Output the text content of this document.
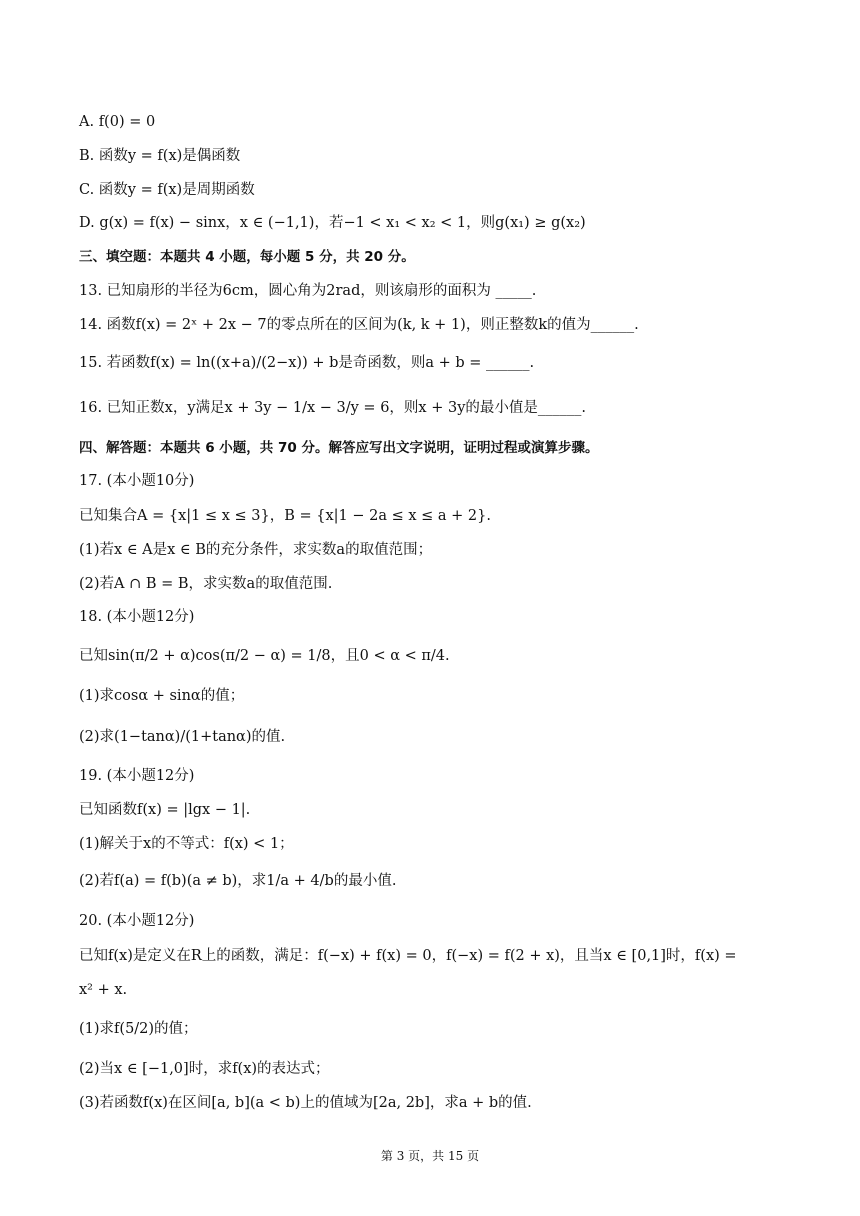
A. f(0) = 0
B. 函数y = f(x)是偶函数
C. 函数y = f(x)是周期函数
D. g(x) = f(x) − sinx，x ∈ (−1,1)，若−1 < x₁ < x₂ < 1，则g(x₁) ≥ g(x₂)
三、填空题：本题共 4 小题，每小题 5 分，共 20 分。
13. 已知扇形的半径为6cm，圆心角为2rad，则该扇形的面积为 _____.
14. 函数f(x) = 2ˣ + 2x − 7的零点所在的区间为(k, k + 1)，则正整数k的值为______.
15. 若函数f(x) = ln((x+a)/(2−x)) + b是奇函数，则a + b = ______.
16. 已知正数x，y满足x + 3y − 1/x − 3/y = 6，则x + 3y的最小值是______.
四、解答题：本题共 6 小题，共 70 分。解答应写出文字说明，证明过程或演算步骤。
17. (本小题10分)
已知集合A = {x|1 ≤ x ≤ 3}，B = {x|1 − 2a ≤ x ≤ a + 2}.
(1)若x ∈ A是x ∈ B的充分条件，求实数a的取值范围；
(2)若A ∩ B = B，求实数a的取值范围.
18. (本小题12分)
已知sin(π/2 + α)cos(π/2 − α) = 1/8，且0 < α < π/4.
(1)求cosα + sinα的值；
(2)求(1−tanα)/(1+tanα)的值.
19. (本小题12分)
已知函数f(x) = |lgx − 1|.
(1)解关于x的不等式：f(x) < 1；
(2)若f(a) = f(b)(a ≠ b)，求1/a + 4/b的最小值.
20. (本小题12分)
已知f(x)是定义在R上的函数，满足：f(−x) + f(x) = 0，f(−x) = f(2 + x)，且当x ∈ [0,1]时，f(x) =
x² + x.
(1)求f(5/2)的值；
(2)当x ∈ [−1,0]时，求f(x)的表达式；
(3)若函数f(x)在区间[a, b](a < b)上的值域为[2a, 2b]，求a + b的值.
第 3 页，共 15 页
